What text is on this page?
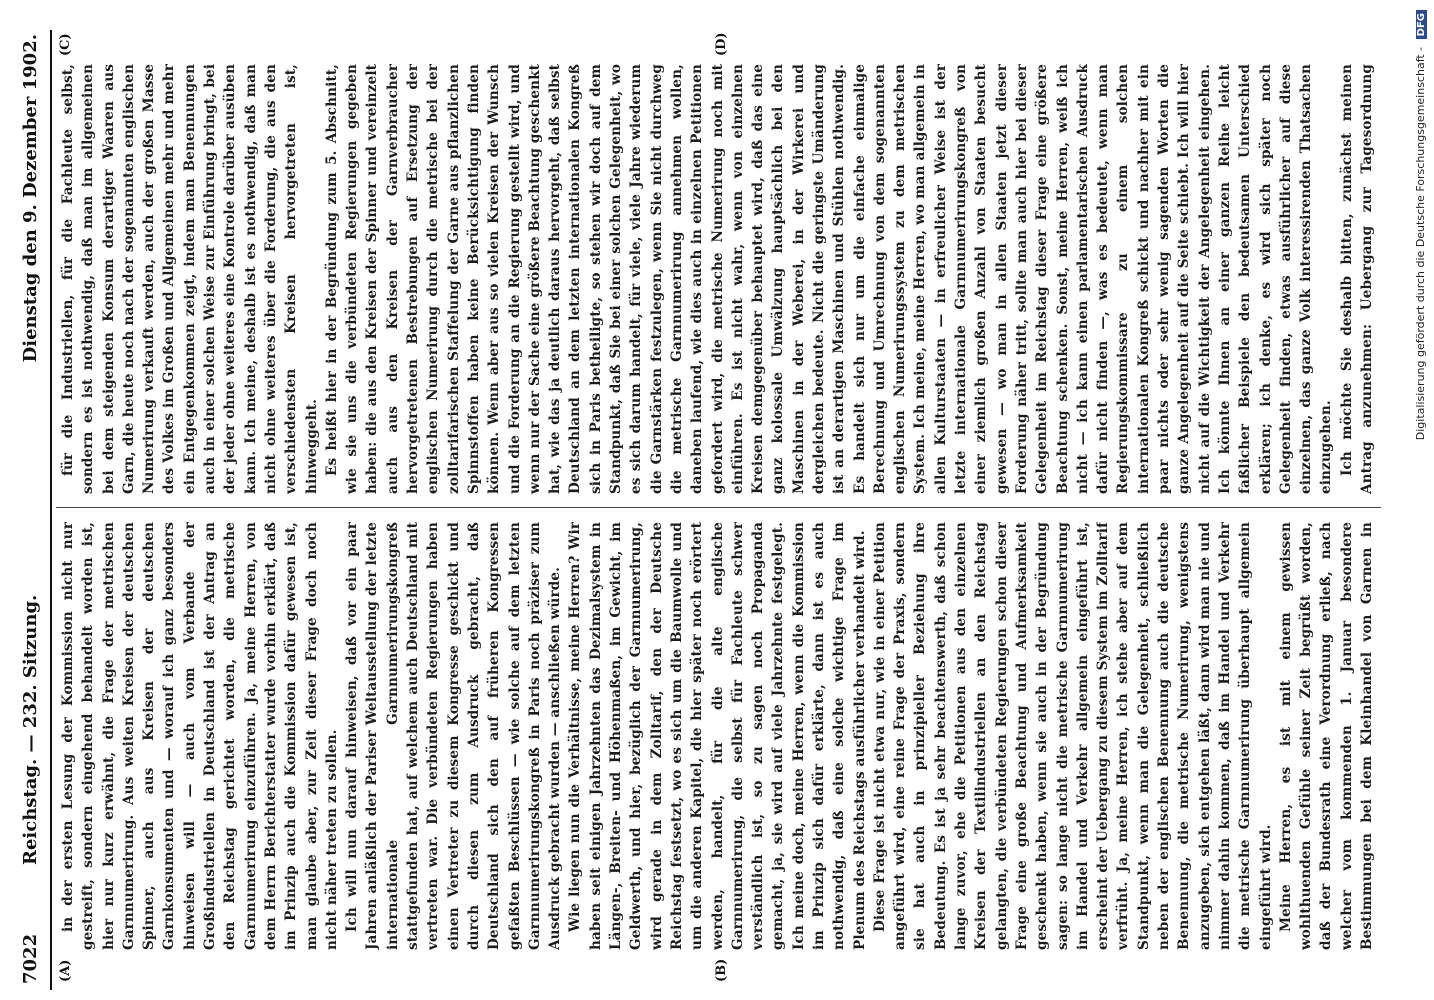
7022
Reichstag. — 232. Sitzung.
Dienstag den 9. Dezember 1902.
(A)	(B)
(C)	(D)

in der ersten Lesung der Kommission nicht nur gestreift, sondern eingehend behandelt worden ist, hier nur kurz erwähnt, die Frage der metrischen Garnnumerirung. Aus weiten Kreisen der deutschen Spinner, auch aus Kreisen der deutschen Garnkonsumenten und — worauf ich ganz besonders hinweisen will — auch vom Verbande der Großindustriellen in Deutschland ist der Antrag an den Reichstag gerichtet worden, die metrische Garnnumerirung einzuführen. Ja, meine Herren, von dem Herrn Berichterstatter wurde vorhin erklärt, daß im Prinzip auch die Kommission dafür gewesen ist, man glaube aber, zur Zeit dieser Frage doch noch nicht näher treten zu sollen. Ich will nun darauf hinweisen, daß vor ein paar Jahren anläßlich der Pariser Weltausstellung der letzte internationale Garnnumerirungskongreß stattgefunden hat, auf welchem auch Deutschland mit vertreten war. Die verbündeten Regierungen haben einen Vertreter zu diesem Kongresse geschickt und durch diesen zum Ausdruck gebracht, daß Deutschland sich den auf früheren Kongressen gefaßten Beschlüssen — wie solche auf dem letzten Garnnumerirungskongreß in Paris noch präziser zum Ausdruck gebracht wurden — anschließen würde. Wie liegen nun die Verhältnisse, meine Herren? Wir haben seit einigen Jahrzehnten das Dezimalsystem in Längen-, Breiten- und Höhenmaßen, im Gewicht, im Geldwerth, und hier, bezüglich der Garnnumerirung, wird gerade in dem Zolltarif, den der Deutsche Reichstag festsetzt, wo es sich um die Baumwolle und um die anderen Kapitel, die hier später noch erörtert werden, handelt, für die alte englische Garnnumerirung, die selbst für Fachleute schwer verständlich ist, so zu sagen noch Propaganda gemacht, ja, sie wird auf viele Jahrzehnte festgelegt. Ich meine doch, meine Herren, wenn die Kommission im Prinzip sich dafür erklärte, dann ist es auch nothwendig, daß eine solche wichtige Frage im Plenum des Reichstags ausführlicher verhandelt wird. Diese Frage ist nicht etwa nur, wie in einer Petition angeführt wird, eine reine Frage der Praxis, sondern sie hat auch in prinzipieller Beziehung ihre Bedeutung. Es ist ja sehr beachtenswerth, daß schon lange zuvor, ehe die Petitionen aus den einzelnen Kreisen der Textilindustriellen an den Reichstag gelangten, die verbündeten Regierungen schon dieser Frage eine große Beachtung und Aufmerksamkeit geschenkt haben, wenn sie auch in der Begründung sagen: so lange nicht die metrische Garnnumerirung im Handel und Verkehr allgemein eingeführt ist, erscheint der Uebergang zu diesem System im Zolltarif verfrüht. Ja, meine Herren, ich stehe aber auf dem Standpunkt, wenn man die Gelegenheit, schließlich neben der englischen Benennung auch die deutsche Benennung, die metrische Numerirung, wenigstens anzugeben, sich entgehen läßt, dann wird man nie und nimmer dahin kommen, daß im Handel und Verkehr die metrische Garnnumerirung überhaupt allgemein eingeführt wird. Meine Herren, es ist mit einem gewissen wohlthuenden Gefühle seiner Zeit begrüßt worden, daß der Bundesrath eine Verordnung erließ, nach welcher vom kommenden 1. Januar besondere Bestimmungen bei dem Kleinhandel von Garnen in

für die Industriellen, für die Fachleute selbst, sondern es ist nothwendig, daß man im allgemeinen bei dem steigenden Konsum derartiger Waaren aus Garn, die heute noch nach der sogenannten englischen Numerirung verkauft werden, auch der großen Masse des Volkes im Großen und Allgemeinen mehr und mehr ein Entgegenkommen zeigt, indem man Benennungen auch in einer solchen Weise zur Einführung bringt, bei der jeder ohne weiteres eine Kontrole darüber ausüben kann. Ich meine, deshalb ist es nothwendig, daß man nicht ohne weiteres über die Forderung, die aus den verschiedensten Kreisen hervorgetreten ist, hinweggeht. Es heißt hier in der Begründung zum 5. Abschnitt, wie sie uns die verbündeten Regierungen gegeben haben: die aus den Kreisen der Spinner und vereinzelt auch aus den Kreisen der Garnverbraucher hervorgetretenen Bestrebungen auf Ersetzung der englischen Numerirung durch die metrische bei der zolltarifarischen Staffelung der Garne aus pflanzlichen Spinnstoffen haben keine Berücksichtigung finden können. Wenn aber aus so vielen Kreisen der Wunsch und die Forderung an die Regierung gestellt wird, und wenn nur der Sache eine größere Beachtung geschenkt hat, wie das ja deutlich daraus hervorgeht, daß selbst Deutschland an dem letzten internationalen Kongreß sich in Paris betheiligte, so stehen wir doch auf dem Standpunkt, daß Sie bei einer solchen Gelegenheit, wo es sich darum handelt, für viele, viele Jahre wiederum die Garnstärken festzulegen, wenn Sie nicht durchweg die metrische Garnnumerirung annehmen wollen, daneben laufend, wie dies auch in einzelnen Petitionen gefordert wird, die metrische Numerirung noch mit einführen. Es ist nicht wahr, wenn von einzelnen Kreisen demgegenüber behauptet wird, daß das eine ganz kolossale Umwälzung hauptsächlich bei den Maschinen in der Weberei, in der Wirkerei und dergleichen bedeute. Nicht die geringste Umänderung ist an derartigen Maschinen und Stühlen nothwendig. Es handelt sich nur um die einfache einmalige Berechnung und Umrechnung von dem sogenannten englischen Numerirungssystem zu dem metrischen System. Ich meine, meine Herren, wo man allgemein in allen Kulturstaaten — in erfreulicher Weise ist der letzte internationale Garnnumerirungskongreß von einer ziemlich großen Anzahl von Staaten besucht gewesen — wo man in allen Staaten jetzt dieser Forderung näher tritt, sollte man auch hier bei dieser Gelegenheit im Reichstag dieser Frage eine größere Beachtung schenken. Sonst, meine Herren, weiß ich nicht — ich kann einen parlamentarischen Ausdruck dafür nicht finden —, was es bedeutet, wenn man Regierungskommissare zu einem solchen internationalen Kongreß schickt und nachher mit ein paar nichts oder sehr wenig sagenden Worten die ganze Angelegenheit auf die Seite schiebt. Ich will hier nicht auf die Wichtigkeit der Angelegenheit eingehen. Ich könnte Ihnen an einer ganzen Reihe leicht faßlicher Beispiele den bedeutsamen Unterschied erklären; ich denke, es wird sich später noch Gelegenheit finden, etwas ausführlicher auf diese einzelnen, das ganze Volk interessirenden Thatsachen einzugehen. Ich möchte Sie deshalb bitten, zunächst meinen Antrag anzunehmen: Uebergang zur Tagesordnung	Digitalisierung gefördert durch die Deutsche Forschungsgemeinschaft - DFG
